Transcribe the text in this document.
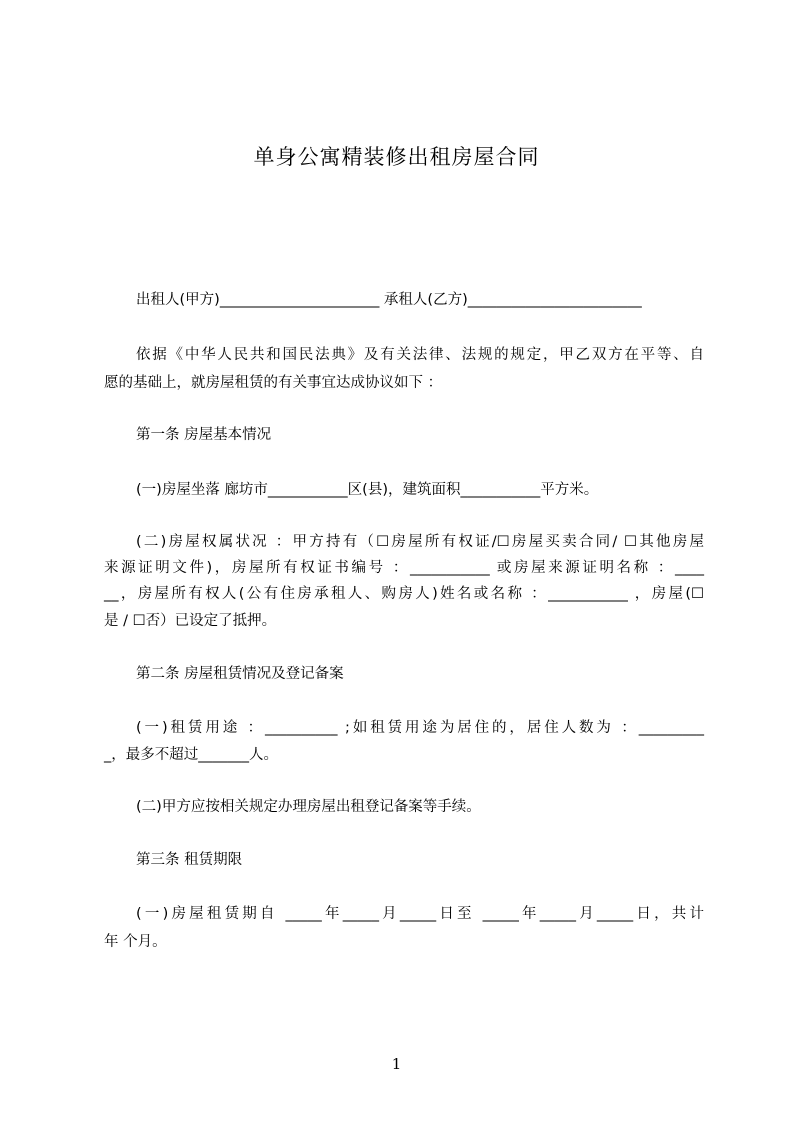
单身公寓精装修出租房屋合同
出租人(甲方)______________________ 承租人(乙方)________________________
依据《中华人民共和国民法典》及有关法律、法规的规定，甲乙双方在平等、自
愿的基础上，就房屋租赁的有关事宜达成协议如下 ：
第一条 房屋基本情况
(一)房屋坐落 廊坊市___________区(县)，建筑面积___________平方米。
(二)房屋权属状况 ：甲方持有（☐房屋所有权证/☐房屋买卖合同/ ☐其他房屋
来源证明文件)，房屋所有权证书编号 ：___________ 或房屋来源证明名称 ：____
__，房屋所有权人(公有住房承租人、购房人)姓名或名称 ：___________ ，房屋(☐
是 / ☐否）已设定了抵押。
第二条 房屋租赁情况及登记备案
(一)租赁用途 ：__________ ;如租赁用途为居住的，居住人数为 ：_________
_，最多不超过_______人。
(二)甲方应按相关规定办理房屋出租登记备案等手续。
第三条 租赁期限
(一)房屋租赁期自 _____年_____月_____日至 _____年_____月_____日，共计
年 个月。
1
